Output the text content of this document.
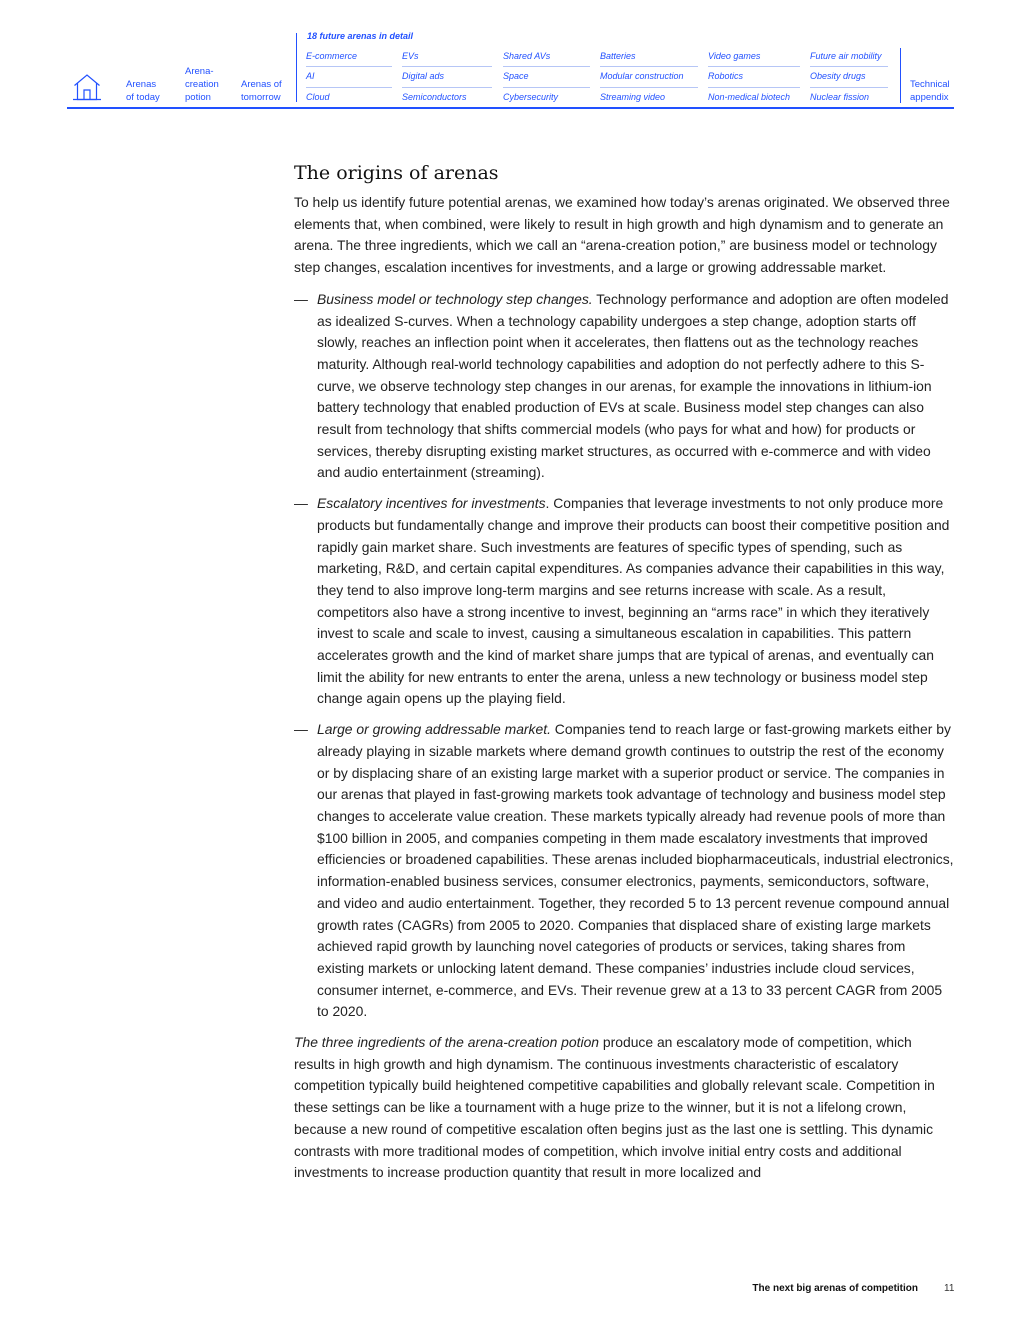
Arenas
of today
Arena-
creation
potion
Arenas of
tomorrow
18 future arenas in detail
E-commerce
AI
Cloud
EVs
Digital ads
Semiconductors
Shared AVs
Space
Cybersecurity
Batteries
Modular construction
Streaming video
Video games
Robotics
Non-medical biotech
Future air mobility
Obesity drugs
Nuclear fission
Technical
appendix
The origins of arenas

To help us identify future potential arenas, we examined how today’s arenas originated. We observed three elements that, when combined, were likely to result in high growth and high dynamism and to generate an arena. The three ingredients, which we call an “arena-creation potion,” are business model or technology step changes, escalation incentives for investments, and a large or growing addressable market.

— Business model or technology step changes. Technology performance and adoption are often modeled as idealized S-curves. When a technology capability undergoes a step change, adoption starts off slowly, reaches an inflection point when it accelerates, then flattens out as the technology reaches maturity. Although real-world technology capabilities and adoption do not perfectly adhere to this S-curve, we observe technology step changes in our arenas, for example the innovations in lithium-ion battery technology that enabled production of EVs at scale. Business model step changes can also result from technology that shifts commercial models (who pays for what and how) for products or services, thereby disrupting existing market structures, as occurred with e-commerce and with video and audio entertainment (streaming).
— Escalatory incentives for investments. Companies that leverage investments to not only produce more products but fundamentally change and improve their products can boost their competitive position and rapidly gain market share. Such investments are features of specific types of spending, such as marketing, R&D, and certain capital expenditures. As companies advance their capabilities in this way, they tend to also improve long-term margins and see returns increase with scale. As a result, competitors also have a strong incentive to invest, beginning an “arms race” in which they iteratively invest to scale and scale to invest, causing a simultaneous escalation in capabilities. This pattern accelerates growth and the kind of market share jumps that are typical of arenas, and eventually can limit the ability for new entrants to enter the arena, unless a new technology or business model step change again opens up the playing field.
— Large or growing addressable market. Companies tend to reach large or fast-growing markets either by already playing in sizable markets where demand growth continues to outstrip the rest of the economy or by displacing share of an existing large market with a superior product or service. The companies in our arenas that played in fast-growing markets took advantage of technology and business model step changes to accelerate value creation. These markets typically already had revenue pools of more than $100 billion in 2005, and companies competing in them made escalatory investments that improved efficiencies or broadened capabilities. These arenas included biopharmaceuticals, industrial electronics, information-enabled business services, consumer electronics, payments, semiconductors, software, and video and audio entertainment. Together, they recorded 5 to 13 percent revenue compound annual growth rates (CAGRs) from 2005 to 2020. Companies that displaced share of existing large markets achieved rapid growth by launching novel categories of products or services, taking shares from existing markets or unlocking latent demand. These companies’ industries include cloud services, consumer internet, e-commerce, and EVs. Their revenue grew at a 13 to 33 percent CAGR from 2005 to 2020.

The three ingredients of the arena-creation potion produce an escalatory mode of competition, which results in high growth and high dynamism. The continuous investments characteristic of escalatory competition typically build heightened competitive capabilities and globally relevant scale. Competition in these settings can be like a tournament with a huge prize to the winner, but it is not a lifelong crown, because a new round of competitive escalation often begins just as the last one is settling. This dynamic contrasts with more traditional modes of competition, which involve initial entry costs and additional investments to increase production quantity that result in more localized and

The next big arenas of competition	11
